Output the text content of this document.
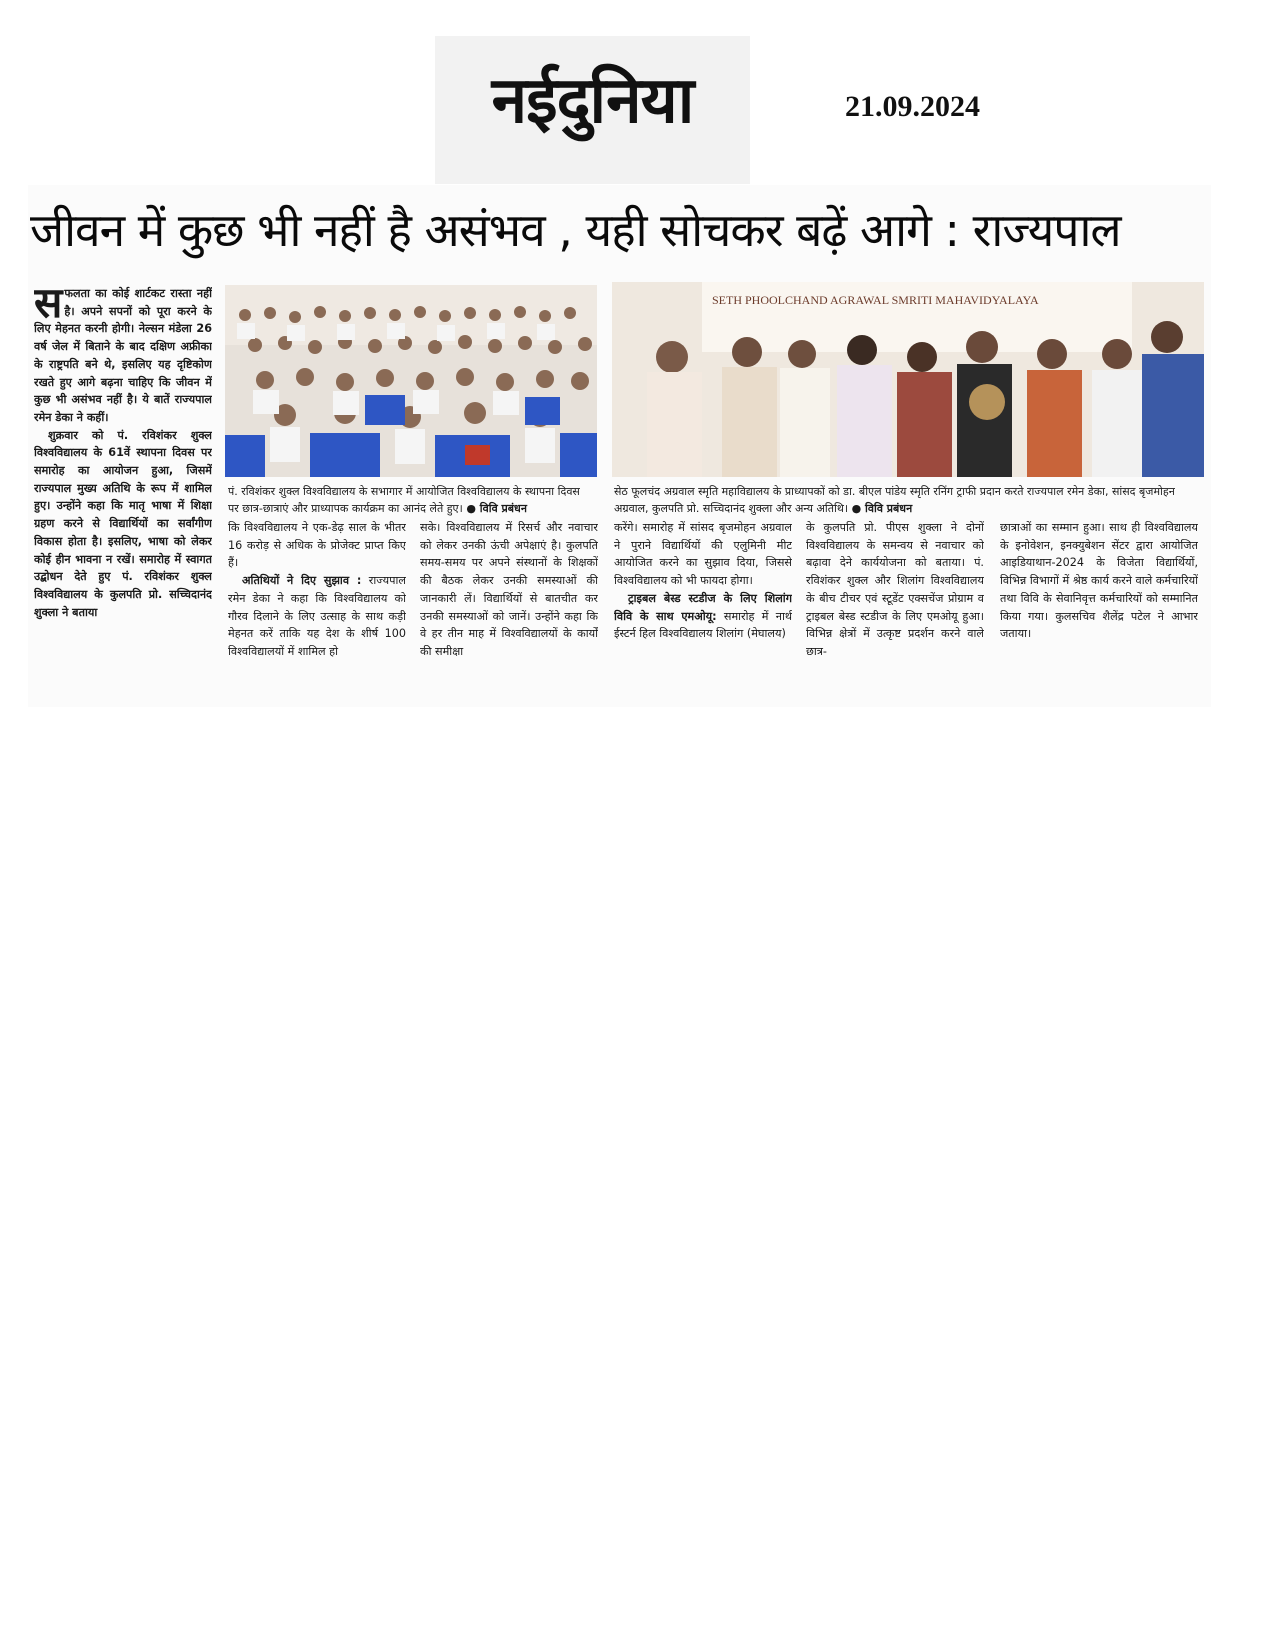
नईदुनिया	21.09.2024
जीवन में कुछ भी नहीं है असंभव , यही सोचकर बढ़ें आगे : राज्यपाल

सफलता का कोई शार्टकट रास्ता नहीं है। अपने सपनों को पूरा करने के लिए मेहनत करनी होगी। नेल्सन मंडेला 26 वर्ष जेल में बिताने के बाद दक्षिण अफ्रीका के राष्ट्रपति बने थे, इसलिए यह दृष्टिकोण रखते हुए आगे बढ़ना चाहिए कि जीवन में कुछ भी असंभव नहीं है। ये बातें राज्यपाल रमेन डेका ने कहीं।

शुक्रवार को पं. रविशंकर शुक्ल विश्वविद्यालय के 61वें स्थापना दिवस पर समारोह का आयोजन हुआ, जिसमें राज्यपाल मुख्य अतिथि के रूप में शामिल हुए। उन्होंने कहा कि मातृ भाषा में शिक्षा ग्रहण करने से विद्यार्थियों का सर्वांगीण विकास होता है। इसलिए, भाषा को लेकर कोई हीन भावना न रखें। समारोह में स्वागत उद्बोधन देते हुए पं. रविशंकर शुक्ल विश्वविद्यालय के कुलपति प्रो. सच्चिदानंद शुक्ला ने बताया

SETH PHOOLCHAND AGRAWAL SMRITI MAHAVIDYALAYA
पं. रविशंकर शुक्ल विश्वविद्यालय के सभागार में आयोजित विश्वविद्यालय के स्थापना दिवस पर छात्र-छात्राएं और प्राध्यापक कार्यक्रम का आनंद लेते हुए। ● विवि प्रबंधन
सेठ फूलचंद अग्रवाल स्मृति महाविद्यालय के प्राध्यापकों को डा. बीएल पांडेय स्मृति रनिंग ट्राफी प्रदान करते राज्यपाल रमेन डेका, सांसद बृजमोहन अग्रवाल, कुलपति प्रो. सच्चिदानंद शुक्ला और अन्य अतिथि। ● विवि प्रबंधन

कि विश्वविद्यालय ने एक-डेढ़ साल के भीतर 16 करोड़ से अधिक के प्रोजेक्ट प्राप्त किए हैं।

अतिथियों ने दिए सुझाव : राज्यपाल रमेन डेका ने कहा कि विश्वविद्यालय को गौरव दिलाने के लिए उत्साह के साथ कड़ी मेहनत करें ताकि यह देश के शीर्ष 100 विश्वविद्यालयों में शामिल हो

सके। विश्वविद्यालय में रिसर्च और नवाचार को लेकर उनकी ऊंची अपेक्षाएं है। कुलपति समय-समय पर अपने संस्थानों के शिक्षकों की बैठक लेकर उनकी समस्याओं की जानकारी लें। विद्यार्थियों से बातचीत कर उनकी समस्याओं को जानें। उन्होंने कहा कि वे हर तीन माह में विश्वविद्यालयों के कार्यों की समीक्षा

करेंगे। समारोह में सांसद बृजमोहन अग्रवाल ने पुराने विद्यार्थियों की एलुमिनी मीट आयोजित करने का सुझाव दिया, जिससे विश्वविद्यालय को भी फायदा होगा।

ट्राइबल बेस्ड स्टडीज के लिए शिलांग विवि के साथ एमओयू: समारोह में नार्थ ईस्टर्न हिल विश्वविद्यालय शिलांग (मेघालय)

के कुलपति प्रो. पीएस शुक्ला ने दोनों विश्वविद्यालय के समन्वय से नवाचार को बढ़ावा देने कार्ययोजना को बताया। पं. रविशंकर शुक्ल और शिलांग विश्वविद्यालय के बीच टीचर एवं स्टूडेंट एक्सचेंज प्रोग्राम व ट्राइबल बेस्ड स्टडीज के लिए एमओयू हुआ। विभिन्न क्षेत्रों में उत्कृष्ट प्रदर्शन करने वाले छात्र-

छात्राओं का सम्मान हुआ। साथ ही विश्वविद्यालय के इनोवेशन, इनक्युबेशन सेंटर द्वारा आयोजित आइडियाथान-2024 के विजेता विद्यार्थियों, विभिन्न विभागों में श्रेष्ठ कार्य करने वाले कर्मचारियों तथा विवि के सेवानिवृत्त कर्मचारियों को सम्मानित किया गया। कुलसचिव शैलेंद्र पटेल ने आभार जताया।
